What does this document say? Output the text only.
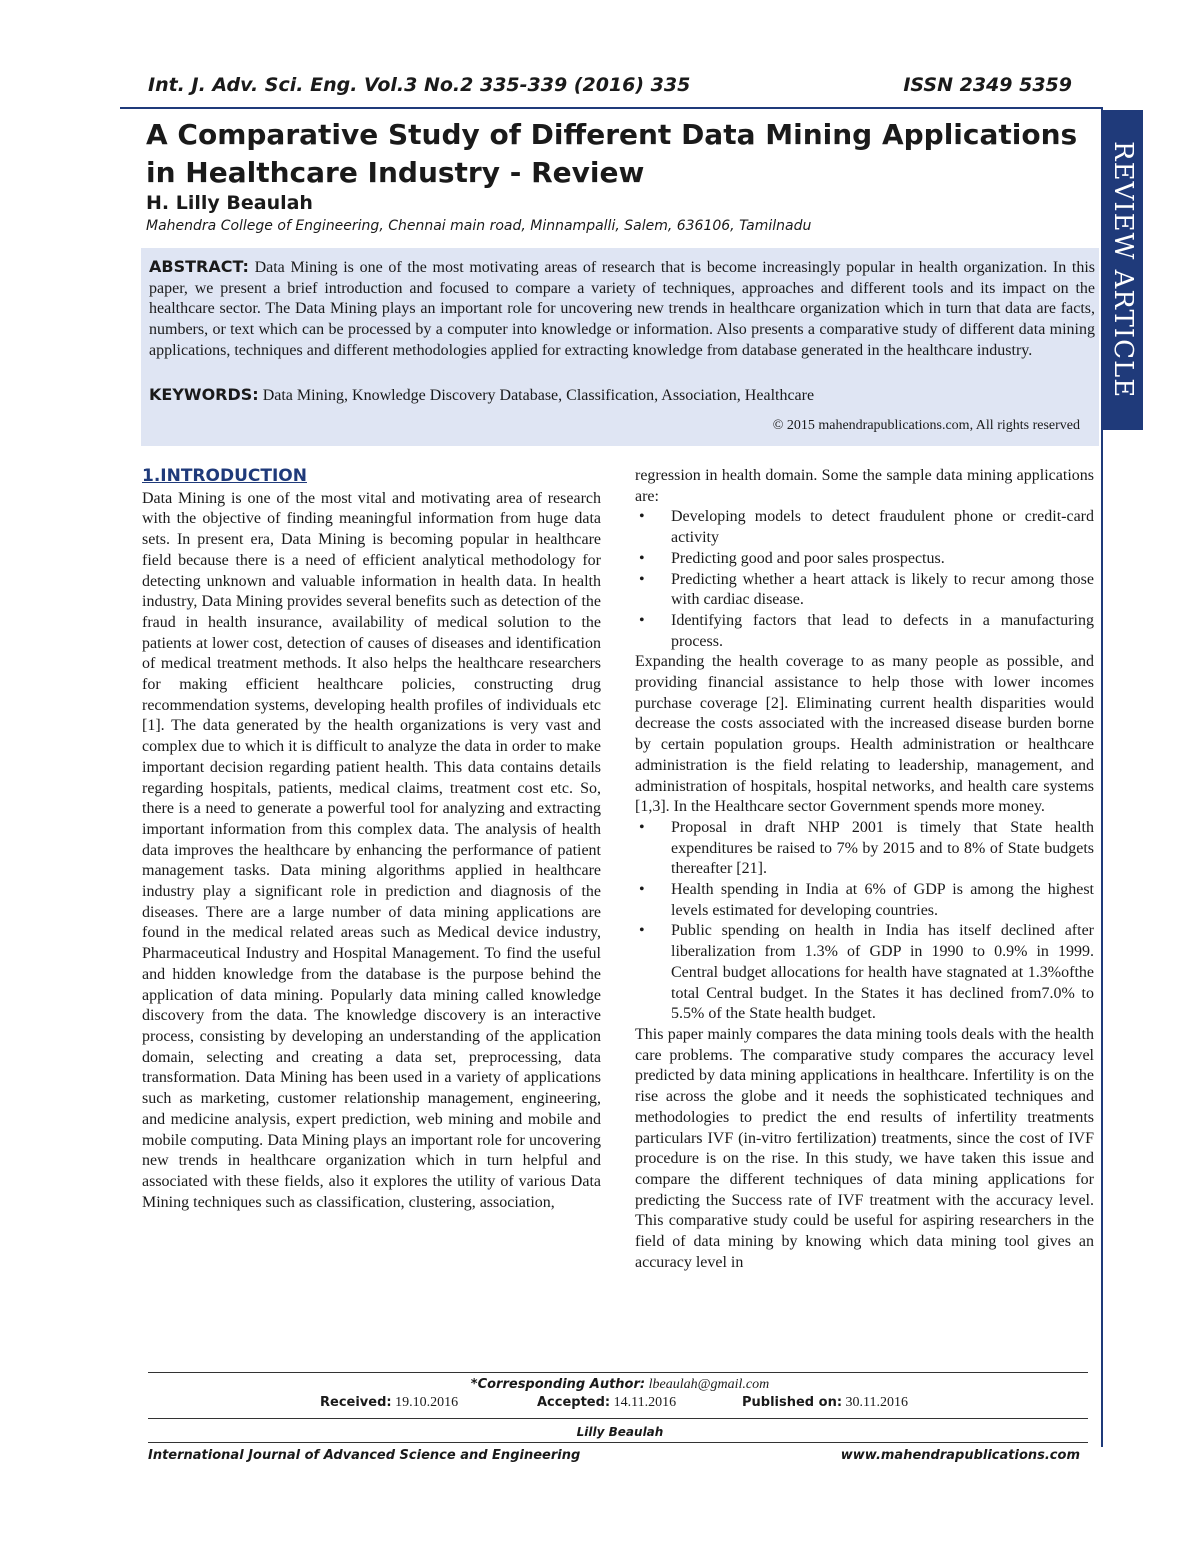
Int. J. Adv. Sci. Eng. Vol.3 No.2 335-339 (2016) 335	ISSN 2349 5359
REVIEW ARTICLE
A Comparative Study of Different Data Mining Applications in Healthcare Industry - Review
H. Lilly Beaulah
Mahendra College of Engineering, Chennai main road, Minnampalli, Salem, 636106, Tamilnadu
ABSTRACT: Data Mining is one of the most motivating areas of research that is become increasingly popular in health organization. In this paper, we present a brief introduction and focused to compare a variety of techniques, approaches and different tools and its impact on the healthcare sector. The Data Mining plays an important role for uncovering new trends in healthcare organization which in turn that data are facts, numbers, or text which can be processed by a computer into knowledge or information. Also presents a comparative study of different data mining applications, techniques and different methodologies applied for extracting knowledge from database generated in the healthcare industry.
KEYWORDS: Data Mining, Knowledge Discovery Database, Classification, Association, Healthcare
© 2015 mahendrapublications.com, All rights reserved
1.INTRODUCTION

Data Mining is one of the most vital and motivating area of research with the objective of finding meaningful information from huge data sets. In present era, Data Mining is becoming popular in healthcare field because there is a need of efficient analytical methodology for detecting unknown and valuable information in health data. In health industry, Data Mining provides several benefits such as detection of the fraud in health insurance, availability of medical solution to the patients at lower cost, detection of causes of diseases and identification of medical treatment methods. It also helps the healthcare researchers for making efficient healthcare policies, constructing drug recommendation systems, developing health profiles of individuals etc [1]. The data generated by the health organizations is very vast and complex due to which it is difficult to analyze the data in order to make important decision regarding patient health. This data contains details regarding hospitals, patients, medical claims, treatment cost etc. So, there is a need to generate a powerful tool for analyzing and extracting important information from this complex data. The analysis of health data improves the healthcare by enhancing the performance of patient management tasks. Data mining algorithms applied in healthcare industry play a significant role in prediction and diagnosis of the diseases. There are a large number of data mining applications are found in the medical related areas such as Medical device industry, Pharmaceutical Industry and Hospital Management. To find the useful and hidden knowledge from the database is the purpose behind the application of data mining. Popularly data mining called knowledge discovery from the data. The knowledge discovery is an interactive process, consisting by developing an understanding of the application domain, selecting and creating a data set, preprocessing, data transformation. Data Mining has been used in a variety of applications such as marketing, customer relationship management, engineering, and medicine analysis, expert prediction, web mining and mobile and mobile computing. Data Mining plays an important role for uncovering new trends in healthcare organization which in turn helpful and associated with these fields, also it explores the utility of various Data Mining techniques such as classification, clustering, association,

regression in health domain. Some the sample data mining applications are:

• Developing models to detect fraudulent phone or credit-card activity
• Predicting good and poor sales prospectus.
• Predicting whether a heart attack is likely to recur among those with cardiac disease.
• Identifying factors that lead to defects in a manufacturing process.

Expanding the health coverage to as many people as possible, and providing financial assistance to help those with lower incomes purchase coverage [2]. Eliminating current health disparities would decrease the costs associated with the increased disease burden borne by certain population groups. Health administration or healthcare administration is the field relating to leadership, management, and administration of hospitals, hospital networks, and health care systems [1,3]. In the Healthcare sector Government spends more money.

• Proposal in draft NHP 2001 is timely that State health expenditures be raised to 7% by 2015 and to 8% of State budgets thereafter [21].
• Health spending in India at 6% of GDP is among the highest levels estimated for developing countries.
• Public spending on health in India has itself declined after liberalization from 1.3% of GDP in 1990 to 0.9% in 1999. Central budget allocations for health have stagnated at 1.3%ofthe total Central budget. In the States it has declined from7.0% to 5.5% of the State health budget.

This paper mainly compares the data mining tools deals with the health care problems. The comparative study compares the accuracy level predicted by data mining applications in healthcare. Infertility is on the rise across the globe and it needs the sophisticated techniques and methodologies to predict the end results of infertility treatments particulars IVF (in-vitro fertilization) treatments, since the cost of IVF procedure is on the rise. In this study, we have taken this issue and compare the different techniques of data mining applications for predicting the Success rate of IVF treatment with the accuracy level. This comparative study could be useful for aspiring researchers in the field of data mining by knowing which data mining tool gives an accuracy level in

*Corresponding Author: lbeaulah@gmail.com
Received: 19.10.2016	Accepted: 14.11.2016	Published on: 30.11.2016
Lilly Beaulah
International Journal of Advanced Science and Engineering	www.mahendrapublications.com
